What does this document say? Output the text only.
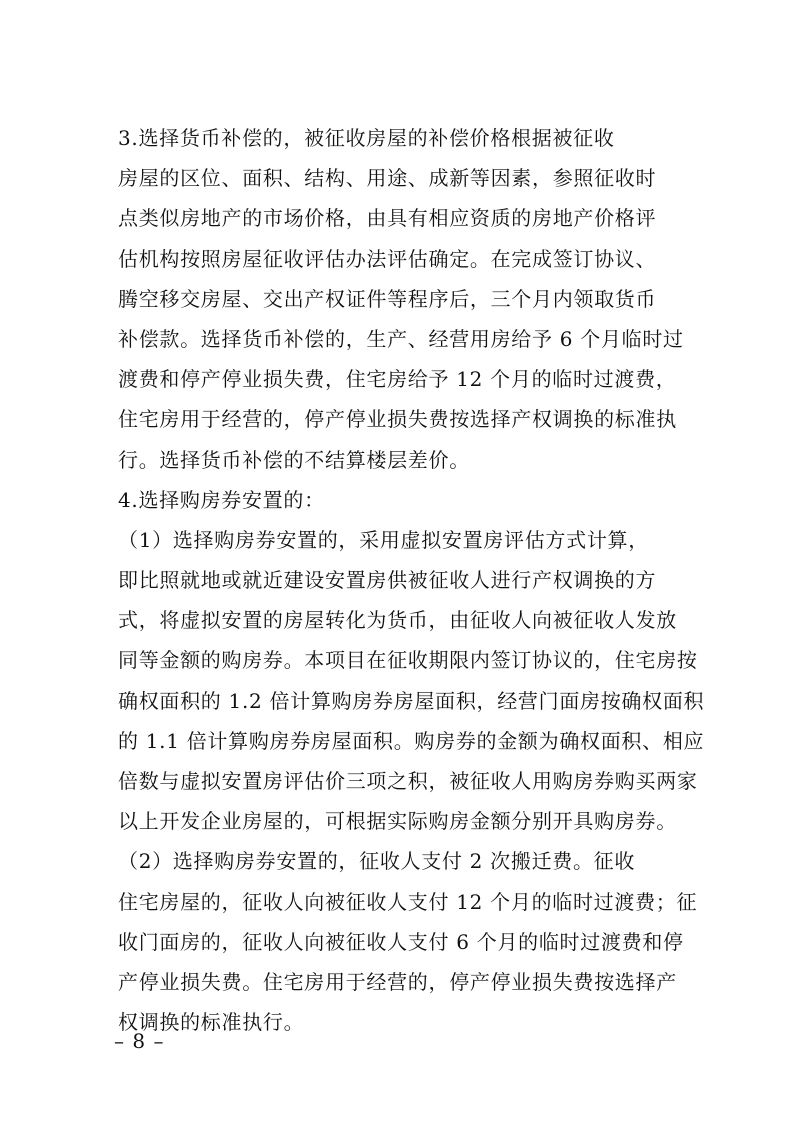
3.选择货币补偿的，被征收房屋的补偿价格根据被征收
房屋的区位、面积、结构、用途、成新等因素，参照征收时
点类似房地产的市场价格，由具有相应资质的房地产价格评
估机构按照房屋征收评估办法评估确定。在完成签订协议、
腾空移交房屋、交出产权证件等程序后，三个月内领取货币
补偿款。选择货币补偿的，生产、经营用房给予 6 个月临时过
渡费和停产停业损失费，住宅房给予 12 个月的临时过渡费，
住宅房用于经营的，停产停业损失费按选择产权调换的标准执
行。选择货币补偿的不结算楼层差价。
4.选择购房券安置的：
（1）选择购房券安置的，采用虚拟安置房评估方式计算，
即比照就地或就近建设安置房供被征收人进行产权调换的方
式，将虚拟安置的房屋转化为货币，由征收人向被征收人发放
同等金额的购房券。本项目在征收期限内签订协议的，住宅房按
确权面积的 1.2 倍计算购房券房屋面积，经营门面房按确权面积
的 1.1 倍计算购房券房屋面积。购房券的金额为确权面积、相应
倍数与虚拟安置房评估价三项之积，被征收人用购房券购买两家
以上开发企业房屋的，可根据实际购房金额分别开具购房券。
（2）选择购房券安置的，征收人支付 2 次搬迁费。征收
住宅房屋的，征收人向被征收人支付 12 个月的临时过渡费；征
收门面房的，征收人向被征收人支付 6 个月的临时过渡费和停
产停业损失费。住宅房用于经营的，停产停业损失费按选择产
权调换的标准执行。
– 8 –
